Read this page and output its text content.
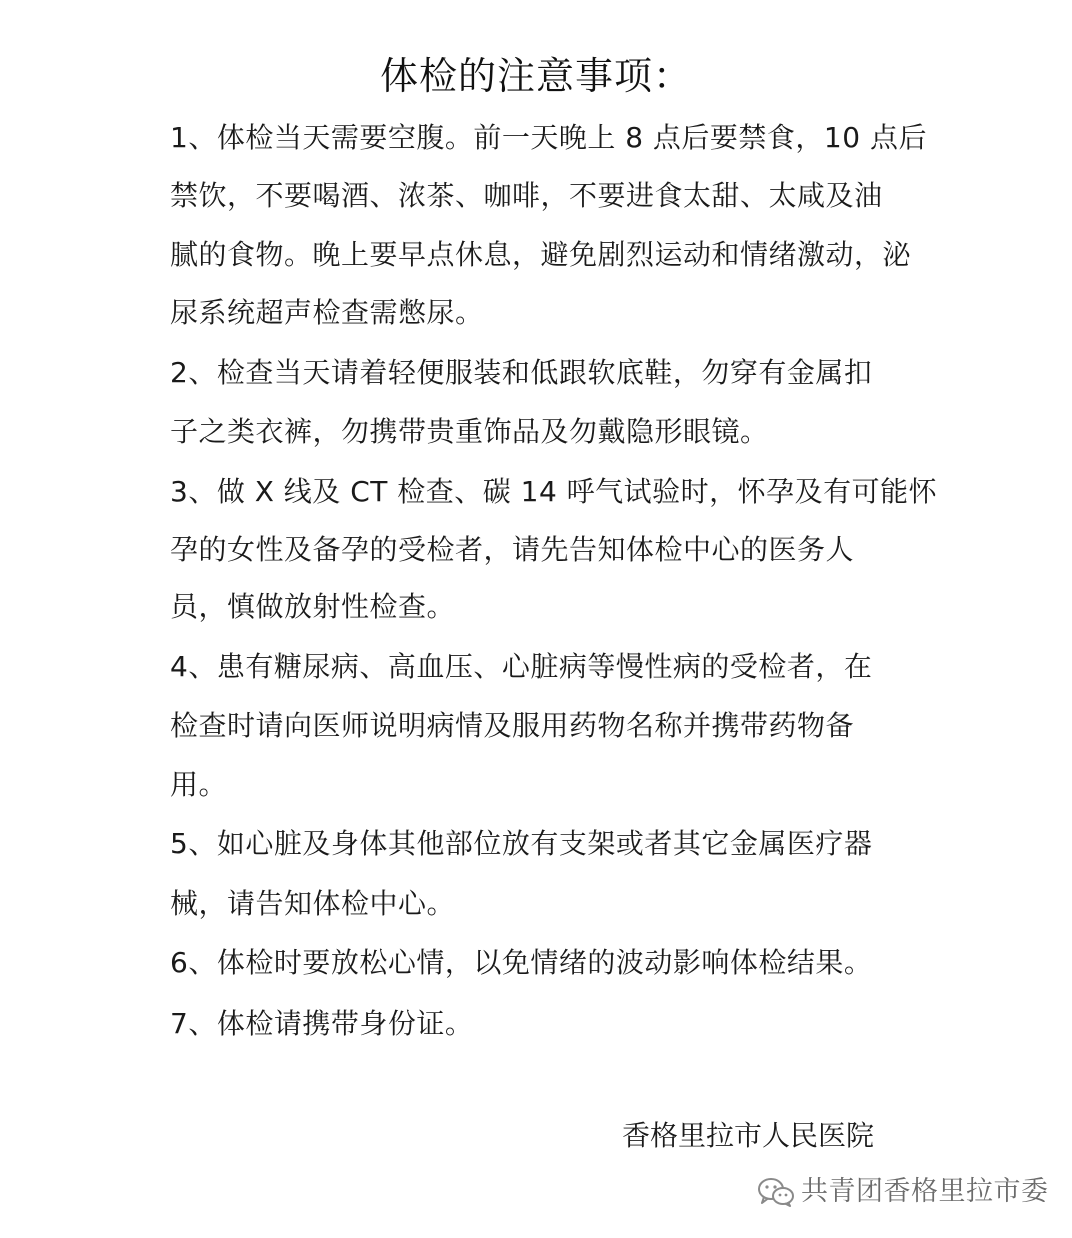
体检的注意事项：
1、体检当天需要空腹。前一天晚上 8 点后要禁食，10 点后
禁饮，不要喝酒、浓茶、咖啡，不要进食太甜、太咸及油
腻的食物。晚上要早点休息，避免剧烈运动和情绪激动，泌
尿系统超声检查需憋尿。
2、检查当天请着轻便服装和低跟软底鞋，勿穿有金属扣
子之类衣裤，勿携带贵重饰品及勿戴隐形眼镜。
3、做 X 线及 CT 检查、碳 14 呼气试验时，怀孕及有可能怀
孕的女性及备孕的受检者，请先告知体检中心的医务人
员，慎做放射性检查。
4、患有糖尿病、高血压、心脏病等慢性病的受检者，在
检查时请向医师说明病情及服用药物名称并携带药物备
用。
5、如心脏及身体其他部位放有支架或者其它金属医疗器
械，请告知体检中心。
6、体检时要放松心情，以免情绪的波动影响体检结果。
7、体检请携带身份证。
香格里拉市人民医院
共青团香格里拉市委
